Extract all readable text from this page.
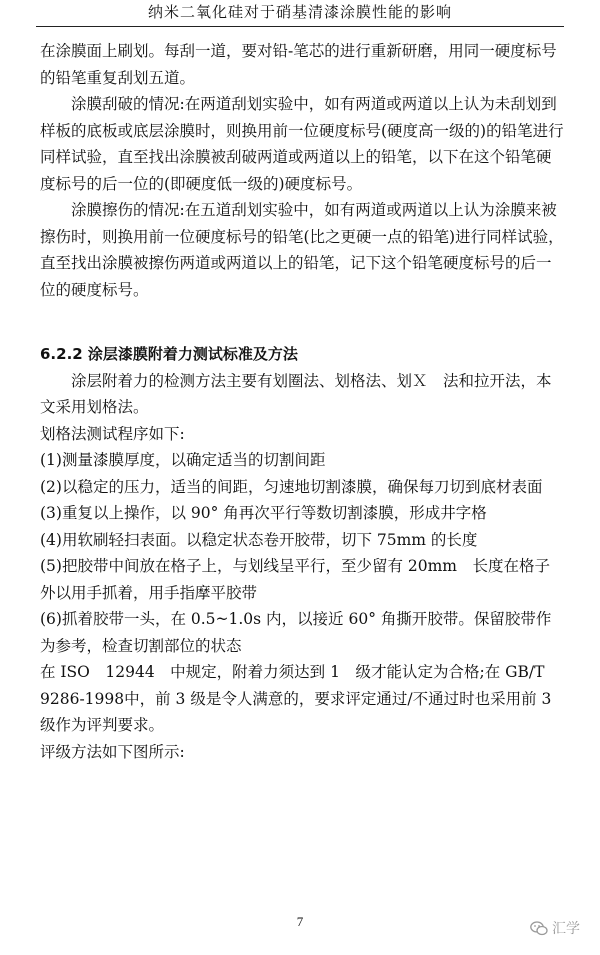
纳米二氧化硅对于硝基清漆涂膜性能的影响

在涂膜面上刷划。每刮一道，要对铅-笔芯的进行重新研磨，用同一硬度标号的铅笔重复刮划五道。

涂膜刮破的情况:在两道刮划实验中，如有两道或两道以上认为未刮划到样板的底板或底层涂膜时，则换用前一位硬度标号(硬度高一级的)的铅笔进行同样试验，直至找出涂膜被刮破两道或两道以上的铅笔，以下在这个铅笔硬度标号的后一位的(即硬度低一级的)硬度标号。

涂膜擦伤的情况:在五道刮划实验中，如有两道或两道以上认为涂膜来被擦伤时，则换用前一位硬度标号的铅笔(比之更硬一点的铅笔)进行同样试验，直至找出涂膜被擦伤两道或两道以上的铅笔，记下这个铅笔硬度标号的后一位的硬度标号。

6.2.2 涂层漆膜附着力测试标准及方法

涂层附着力的检测方法主要有划圈法、划格法、划Ｘ　法和拉开法，本文采用划格法。

划格法测试程序如下:

(1)测量漆膜厚度，以确定适当的切割间距

(2)以稳定的压力，适当的间距，匀速地切割漆膜，确保每刀切到底材表面

(3)重复以上操作，以 90° 角再次平行等数切割漆膜，形成井字格

(4)用软刷轻扫表面。以稳定状态卷开胶带，切下 75mm 的长度

(5)把胶带中间放在格子上，与划线呈平行，至少留有 20mm　长度在格子外以用手抓着，用手指摩平胶带

(6)抓着胶带一头，在 0.5~1.0s 内，以接近 60° 角撕开胶带。保留胶带作为参考，检查切割部位的状态

在 ISO　12944　中规定，附着力须达到 1　级才能认定为合格;在 GB/T　9286-1998中，前 3 级是令人满意的，要求评定通过/不通过时也采用前 3　　级作为评判要求。

评级方法如下图所示:

7	汇学
